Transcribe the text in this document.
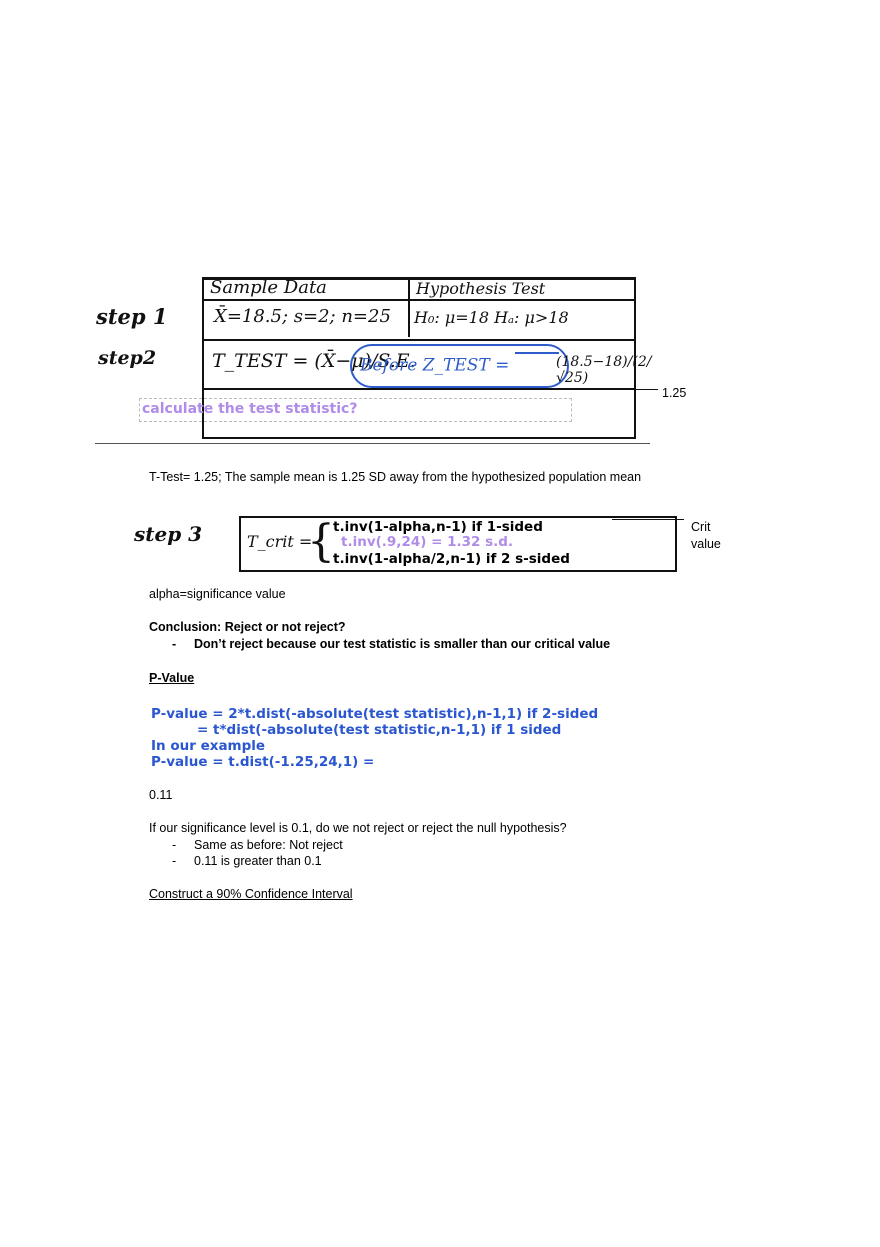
step 1
step2
Sample Data	Hypothesis Test
X̄=18.5; s=2; n=25 H₀: μ=18 Hₐ: μ>18
T_TEST = (X̄−μ)/S.E.
Before Z_TEST =	(18.5−18)/(2/√25)
calculate the test statistic?
1.25
T-Test= 1.25; The sample mean is 1.25 SD away from the hypothesized population mean
step 3	T_crit =
{
t.inv(1-alpha,n-1) if 1-sided
t.inv(.9,24) = 1.32 s.d.
t.inv(1-alpha/2,n-1) if 2 s-sided
Crit
value
alpha=significance value
Conclusion: Reject or not reject?
- Don’t reject because our test statistic is smaller than our critical value
P-Value
P-value = 2*t.dist(-absolute(test statistic),n-1,1) if 2-sided
= t*dist(-absolute(test statistic,n-1,1) if 1 sided
In our example
P-value = t.dist(-1.25,24,1) =
0.11
If our significance level is 0.1, do we not reject or reject the null hypothesis?
- Same as before: Not reject
- 0.11 is greater than 0.1
Construct a 90% Confidence Interval
